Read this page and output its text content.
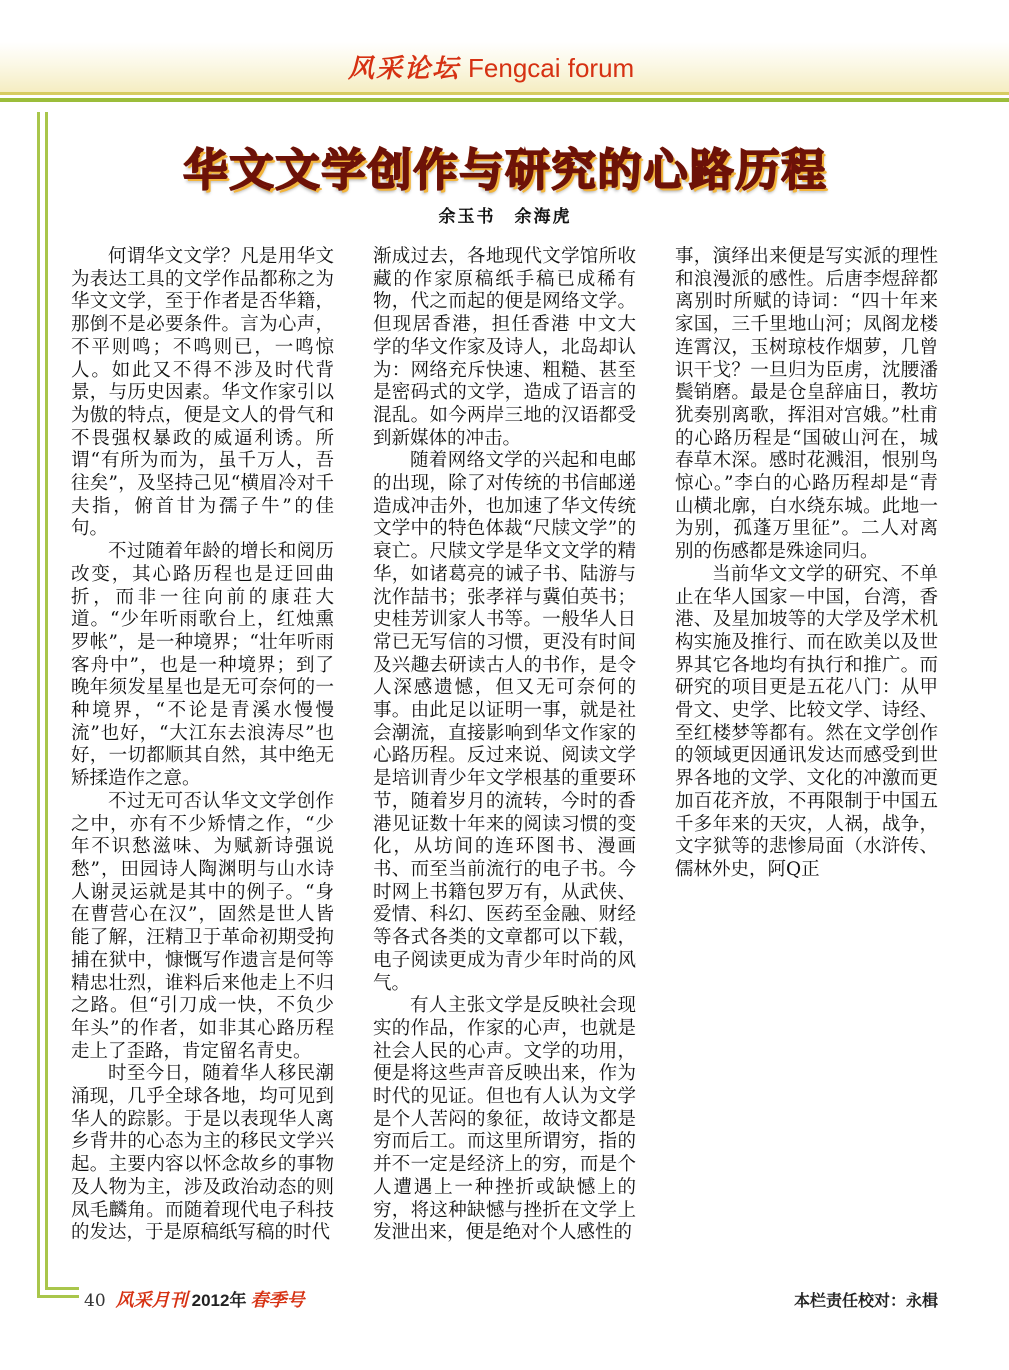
风采论坛 Fengcai forum
华文文学创作与研究的心路历程
余玉书　余海虎

何谓华文文学？凡是用华文为表达工具的文学作品都称之为华文文学，至于作者是否华籍，那倒不是必要条件。言为心声，不平则鸣；不鸣则已，一鸣惊人。如此又不得不涉及时代背景，与历史因素。华文作家引以为傲的特点，便是文人的骨气和不畏强权暴政的威逼利诱。所谓“有所为而为，虽千万人，吾往矣”，及坚持己见“横眉冷对千夫指，俯首甘为孺子牛”的佳句。

不过随着年龄的增长和阅历改变，其心路历程也是迂回曲折，而非一往向前的康荘大道。“少年听雨歌台上，红烛熏罗帐”，是一种境界；“壮年听雨客舟中”，也是一种境界；到了晚年须发星星也是无可奈何的一种境界，“不论是青溪水慢慢流”也好，“大江东去浪涛尽”也好，一切都顺其自然，其中绝无矫揉造作之意。

不过无可否认华文文学创作之中，亦有不少矫情之作，“少年不识愁滋味、为赋新诗强说愁”，田园诗人陶渊明与山水诗人谢灵运就是其中的例子。“身在曹营心在汉”，固然是世人皆能了解，汪精卫于革命初期受拘捕在狱中，慷慨写作遗言是何等精忠壮烈，谁料后来他走上不归之路。但“引刀成一快，不负少年头”的作者，如非其心路历程走上了歪路，肯定留名青史。

时至今日，随着华人移民潮涌现，几乎全球各地，均可见到华人的踪影。于是以表现华人离乡背井的心态为主的移民文学兴起。主要内容以怀念故乡的事物及人物为主，涉及政治动态的则凤毛麟角。而随着现代电子科技的发达，于是原稿纸写稿的时代

渐成过去，各地现代文学馆所收藏的作家原稿纸手稿已成稀有物，代之而起的便是网络文学。但现居香港，担任香港 中文大学的华文作家及诗人，北岛却认为：网络充斥快速、粗糙、甚至是密码式的文学，造成了语言的混乱。如今两岸三地的汉语都受到新媒体的冲击。

随着网络文学的兴起和电邮的出现，除了对传统的书信邮递造成冲击外，也加速了华文传统文学中的特色体裁“尺牍文学”的衰亡。尺牍文学是华文文学的精华，如诸葛亮的诫子书、陆游与沈作喆书；张孝祥与冀伯英书；史桂芳训家人书等。一般华人日常已无写信的习惯，更没有时间及兴趣去研读古人的书作，是令人深感遗憾，但又无可奈何的事。由此足以证明一事，就是社会潮流，直接影响到华文作家的心路历程。反过来说、阅读文学是培训青少年文学根基的重要环节，随着岁月的流转，今时的香港见证数十年来的阅读习惯的变化，从坊间的连环图书、漫画书、而至当前流行的电子书。今时网上书籍包罗万有，从武侠、爱情、科幻、医药至金融、财经等各式各类的文章都可以下载，电子阅读更成为青少年时尚的风气。

有人主张文学是反映社会现实的作品，作家的心声，也就是社会人民的心声。文学的功用，便是将这些声音反映出来，作为时代的见证。但也有人认为文学是个人苦闷的象征，故诗文都是穷而后工。而这里所谓穷，指的并不一定是经济上的穷，而是个人遭遇上一种挫折或缺憾上的穷，将这种缺憾与挫折在文学上发泄出来，便是绝对个人感性的

事，演绎出来便是写实派的理性和浪漫派的感性。后唐李煜辞都离别时所赋的诗词：“四十年来家国，三千里地山河；凤阁龙楼连霄汉，玉树琼枝作烟萝，几曾识干戈？一旦归为臣虏，沈腰潘鬓销磨。最是仓皇辞庙日，教坊犹奏别离歌，挥泪对宫娥。”杜甫的心路历程是“国破山河在，城春草木深。感时花溅泪，恨别鸟惊心。”李白的心路历程却是“青山横北廓，白水绕东城。此地一为别，孤蓬万里征”。二人对离别的伤感都是殊途同归。

当前华文文学的研究、不单止在华人国家－中国，台湾，香港、及星加坡等的大学及学术机构实施及推行、而在欧美以及世界其它各地均有执行和推广。而研究的项目更是五花八门：从甲骨文、史学、比较文学、诗经、至红楼梦等都有。然在文学创作的领域更因通讯发达而感受到世界各地的文学、文化的冲激而更加百花齐放，不再限制于中国五千多年来的天灾，人祸，战争，文字狱等的悲惨局面（水浒传、儒林外史，阿Q正

40 风采月刊 2012年 春季号	本栏责任校对：永楫
